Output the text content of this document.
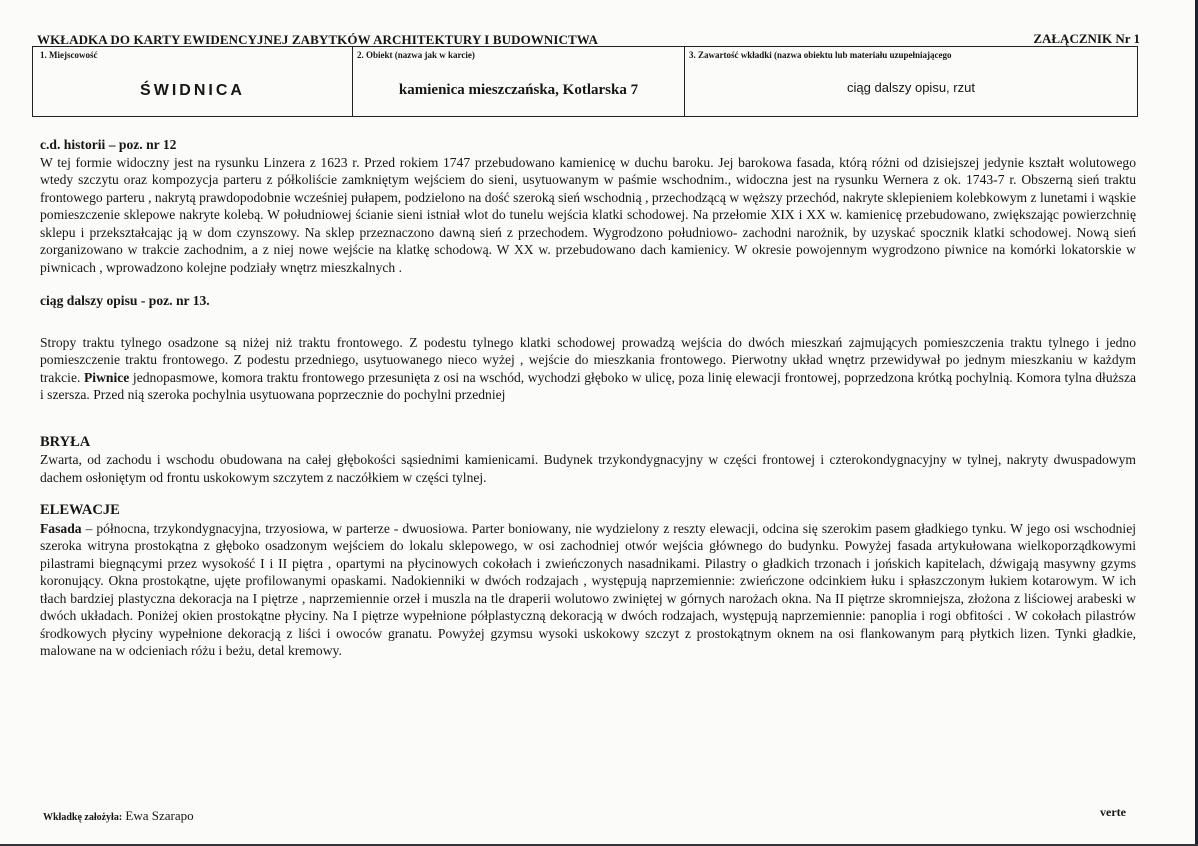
WKŁADKA DO KARTY EWIDENCYJNEJ ZABYTKÓW ARCHITEKTURY I BUDOWNICTWA	ZAŁĄCZNIK Nr 1
1. Miejscowość
ŚWIDNICA
2. Obiekt (nazwa jak w karcie)
kamienica mieszczańska, Kotlarska 7
3. Zawartość wkładki (nazwa obiektu lub materiału uzupełniającego
ciąg dalszy opisu, rzut

c.d. historii – poz. nr 12

W tej formie widoczny jest na rysunku Linzera z 1623 r. Przed rokiem 1747 przebudowano kamienicę w duchu baroku. Jej barokowa fasada, którą różni od dzisiejszej jedynie kształt wolutowego wtedy szczytu oraz kompozycja parteru z półkoliście zamkniętym wejściem do sieni, usytuowanym w paśmie wschodnim., widoczna jest na rysunku Wernera z ok. 1743-7 r. Obszerną sień traktu frontowego parteru , nakrytą prawdopodobnie wcześniej pułapem, podzielono na dość szeroką sień wschodnią , przechodzącą w węższy przechód, nakryte sklepieniem kolebkowym z lunetami i wąskie pomieszczenie sklepowe nakryte kolebą. W południowej ścianie sieni istniał wlot do tunelu wejścia klatki schodowej. Na przełomie XIX i XX w. kamienicę przebudowano, zwiększając powierzchnię sklepu i przekształcając ją w dom czynszowy. Na sklep przeznaczono dawną sień z przechodem. Wygrodzono południowo- zachodni narożnik, by uzyskać spocznik klatki schodowej. Nową sień zorganizowano w trakcie zachodnim, a z niej nowe wejście na klatkę schodową. W XX w. przebudowano dach kamienicy. W okresie powojennym wygrodzono piwnice na komórki lokatorskie w piwnicach , wprowadzono kolejne podziały wnętrz mieszkalnych .

ciąg dalszy opisu - poz. nr 13.

Stropy traktu tylnego osadzone są niżej niż traktu frontowego. Z podestu tylnego klatki schodowej prowadzą wejścia do dwóch mieszkań zajmujących pomieszczenia traktu tylnego i jedno pomieszczenie traktu frontowego. Z podestu przedniego, usytuowanego nieco wyżej , wejście do mieszkania frontowego. Pierwotny układ wnętrz przewidywał po jednym mieszkaniu w każdym trakcie. Piwnice jednopasmowe, komora traktu frontowego przesunięta z osi na wschód, wychodzi głęboko w ulicę, poza linię elewacji frontowej, poprzedzona krótką pochylnią. Komora tylna dłuższa i szersza. Przed nią szeroka pochylnia usytuowana poprzecznie do pochylni przedniej

BRYŁA

Zwarta, od zachodu i wschodu obudowana na całej głębokości sąsiednimi kamienicami. Budynek trzykondygnacyjny w części frontowej i czterokondygnacyjny w tylnej, nakryty dwuspadowym dachem osłoniętym od frontu uskokowym szczytem z naczółkiem w części tylnej.

ELEWACJE

Fasada – północna, trzykondygnacyjna, trzyosiowa, w parterze - dwuosiowa. Parter boniowany, nie wydzielony z reszty elewacji, odcina się szerokim pasem gładkiego tynku. W jego osi wschodniej szeroka witryna prostokątna z głęboko osadzonym wejściem do lokalu sklepowego, w osi zachodniej otwór wejścia głównego do budynku. Powyżej fasada artykułowana wielkoporządkowymi pilastrami biegnącymi przez wysokość I i II piętra , opartymi na płycinowych cokołach i zwieńczonych nasadnikami. Pilastry o gładkich trzonach i jońskich kapitelach, dźwigają masywny gzyms koronujący. Okna prostokątne, ujęte profilowanymi opaskami. Nadokienniki w dwóch rodzajach , występują naprzemiennie: zwieńczone odcinkiem łuku i spłaszczonym łukiem kotarowym. W ich tłach bardziej plastyczna dekoracja na I piętrze , naprzemiennie orzeł i muszla na tle draperii wolutowo zwiniętej w górnych narożach okna. Na II piętrze skromniejsza, złożona z liściowej arabeski w dwóch układach. Poniżej okien prostokątne płyciny. Na I piętrze wypełnione półplastyczną dekoracją w dwóch rodzajach, występują naprzemiennie: panoplia i rogi obfitości . W cokołach pilastrów środkowych płyciny wypełnione dekoracją z liści i owoców granatu. Powyżej gzymsu wysoki uskokowy szczyt z prostokątnym oknem na osi flankowanym parą płytkich lizen. Tynki gładkie, malowane na w odcieniach różu i beżu, detal kremowy.

Wkładkę założyła: Ewa Szarapo	verte
